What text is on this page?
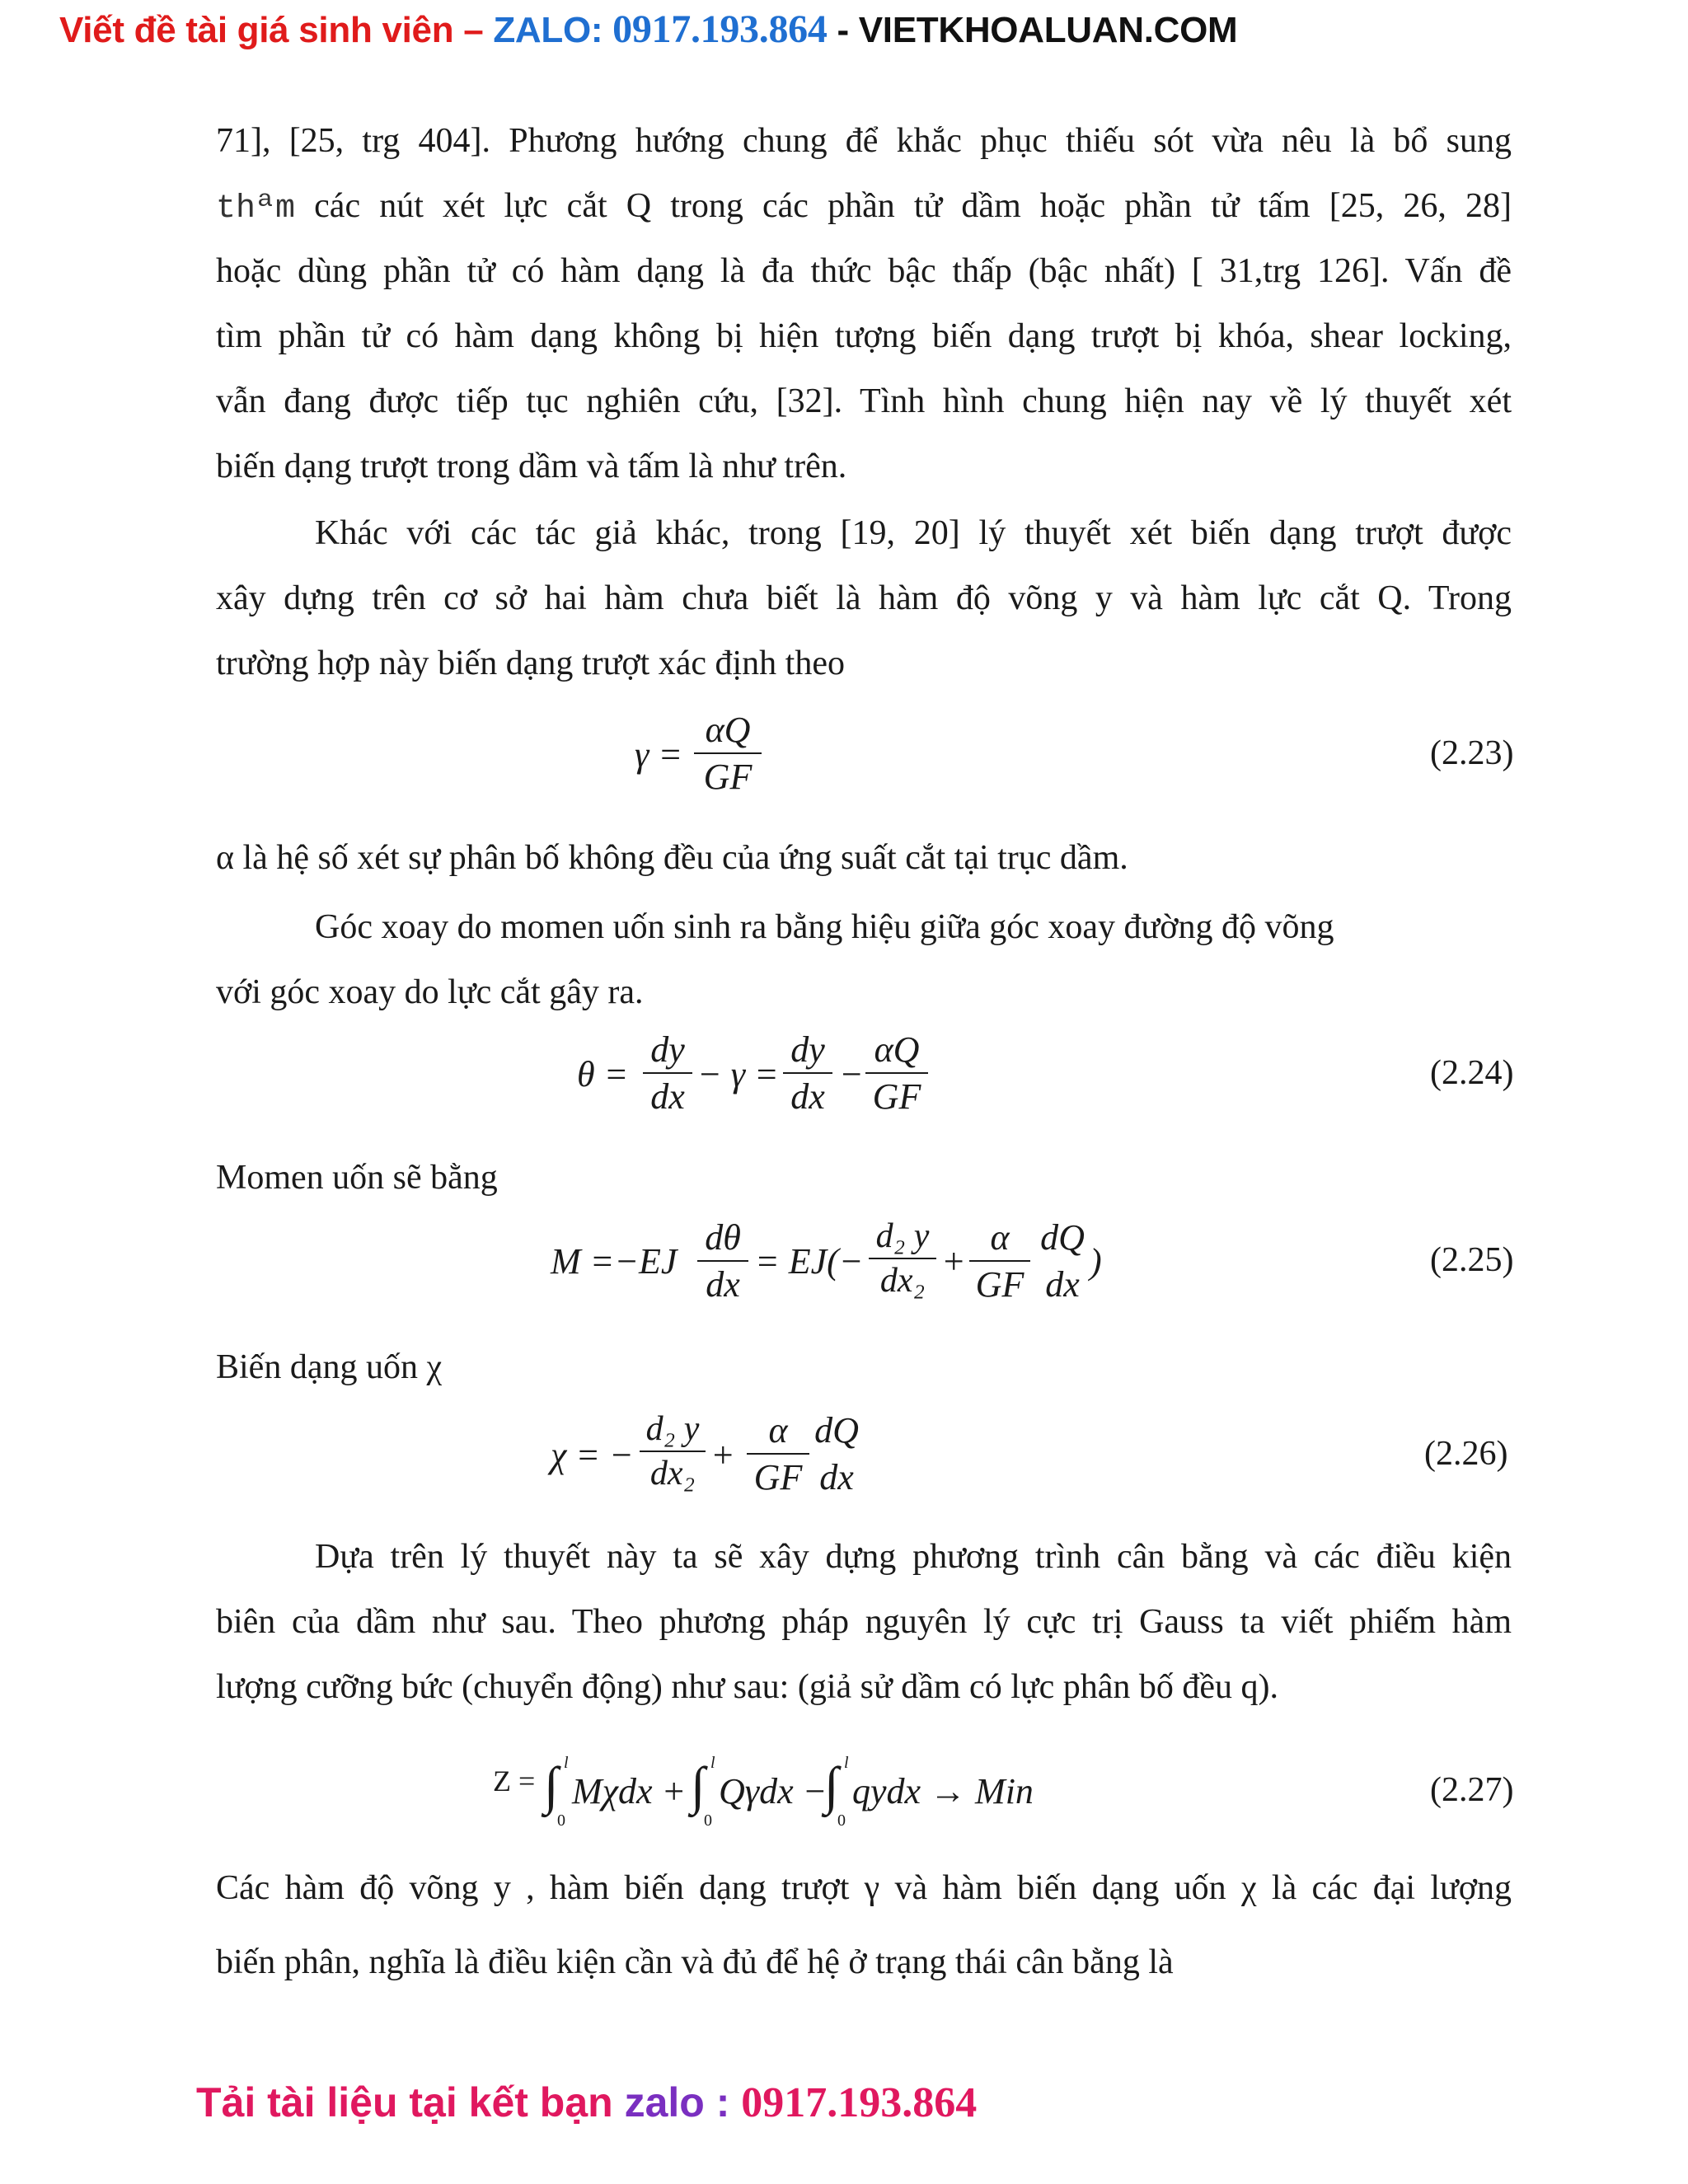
Viết đề tài giá sinh viên – ZALO: 0917.193.864 - VIETKHOALUAN.COM
71], [25, trg 404]. Phương hướng chung để khắc phục thiếu sót vừa nêu là bổ sung
thªm các nút xét lực cắt Q trong các phần tử dầm hoặc phần tử tấm [25, 26, 28]
hoặc dùng phần tử có hàm dạng là đa thức bậc thấp (bậc nhất) [ 31,trg 126]. Vấn đề
tìm phần tử có hàm dạng không bị hiện tượng biến dạng trượt bị khóa, shear locking,
vẫn đang được tiếp tục nghiên cứu, [32]. Tình hình chung hiện nay về lý thuyết xét
biến dạng trượt trong dầm và tấm là như trên.
Khác với các tác giả khác, trong [19, 20] lý thuyết xét biến dạng trượt được
xây dựng trên cơ sở hai hàm chưa biết là hàm độ võng y và hàm lực cắt Q. Trong
trường hợp này biến dạng trượt xác định theo
γ =
αQ
GF
(2.23)
α là hệ số xét sự phân bố không đều của ứng suất cắt tại trục dầm.
Góc xoay do momen uốn sinh ra bằng hiệu giữa góc xoay đường độ võng
với góc xoay do lực cắt gây ra.
θ =
dy
dx
− γ =
dy
dx
−
αQ
GF
(2.24)
Momen uốn sẽ bằng
M =−EJ
dθ
dx
= EJ(−
d₂ y
dx₂ +
α
GF
dQ
dx
)	(2.25)
Biến dạng uốn χ
χ = −
d₂ y
dx₂ +
α
GF
dQ
dx
(2.26)
Dựa trên lý thuyết này ta sẽ xây dựng phương trình cân bằng và các điều kiện
biên của dầm như sau. Theo phương pháp nguyên lý cực trị Gauss ta viết phiếm hàm
lượng cưỡng bức (chuyển động) như sau: (giả sử dầm có lực phân bố đều q).
Z = ∫ l
0
Mχdx + ∫ l
0
Qγdx −
∫ l
0
qydx → Min	(2.27)
Các hàm độ võng y , hàm biến dạng trượt γ và hàm biến dạng uốn χ là các đại lượng
biến phân, nghĩa là điều kiện cần và đủ để hệ ở trạng thái cân bằng là
Tải tài liệu tại kết bạn zalo : 0917.193.864
